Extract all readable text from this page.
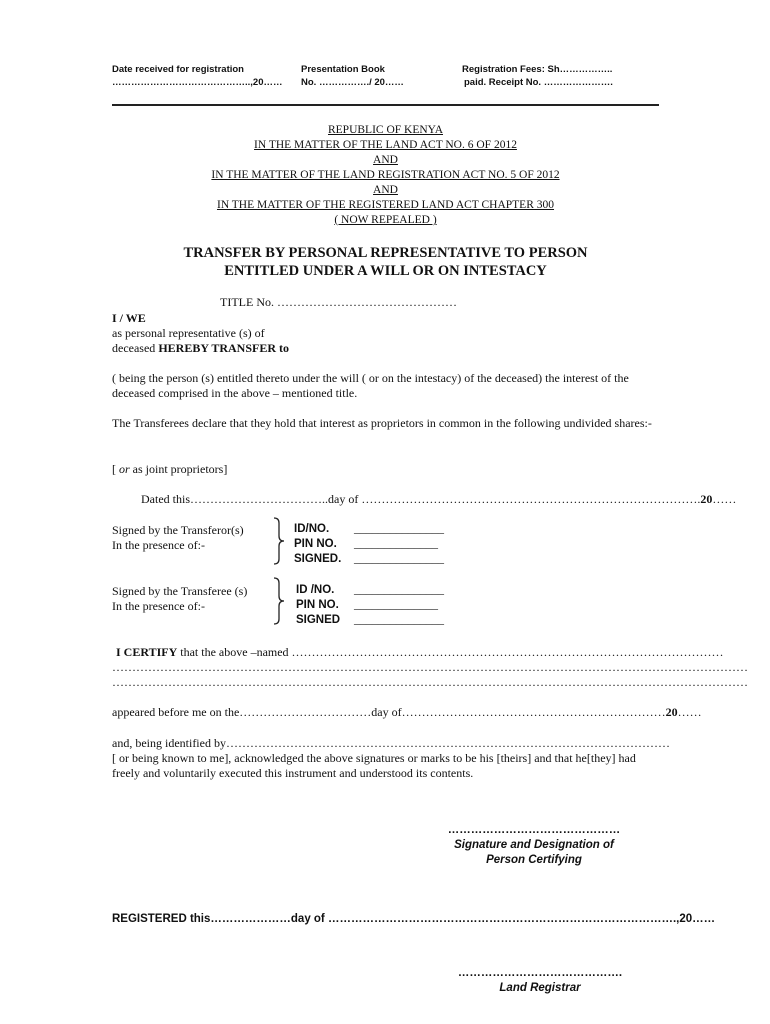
Date received for registration
……………………………………..,20……
Presentation Book
No. ……………./ 20……
Registration Fees: Sh……………..
paid. Receipt No. ………………….
REPUBLIC OF KENYA
IN THE MATTER OF THE LAND ACT NO. 6 OF 2012
AND
IN THE MATTER OF THE LAND REGISTRATION ACT NO. 5 OF 2012
AND
IN THE MATTER OF THE REGISTERED LAND ACT CHAPTER 300
( NOW REPEALED )
TRANSFER BY PERSONAL REPRESENTATIVE TO PERSON
ENTITLED UNDER A WILL OR ON INTESTACY
TITLE No. ………………………………………
I / WE
as personal representative (s) of
deceased HEREBY TRANSFER to
( being the person (s) entitled thereto under the will ( or on the intestacy) of the deceased) the interest of the deceased comprised in the above – mentioned title.
The Transferees declare that they hold that interest as proprietors in common in the following undivided shares:-
[ or as joint proprietors]
Dated this……………………………..day of ………………………………………………………………………….20……
Signed by the Transferor(s)
In the presence of:-
ID/NO. _______________
PIN NO. ______________
SIGNED. _______________
Signed by the Transferee (s)
In the presence of:-
ID /NO. _______________
PIN NO. ______________
SIGNED _______________
I CERTIFY that the above –named ………………………………………………………………………………………………
……………………………………………………………………………………………………………………………………………
……………………………………………………………………………………………………………………………………………
appeared before me on the……………………………day of…………………………………………………………20……
and, being identified by…………………………………………………………………………………………………
[ or being known to me], acknowledged the above signatures or marks to be his [theirs] and that he[they] had freely and voluntarily executed this instrument and understood its contents.
………………………………………
Signature and Designation of
Person Certifying
REGISTERED this…………………day of ……………………………………………………………………………….,20……
…………………………………….
Land Registrar
